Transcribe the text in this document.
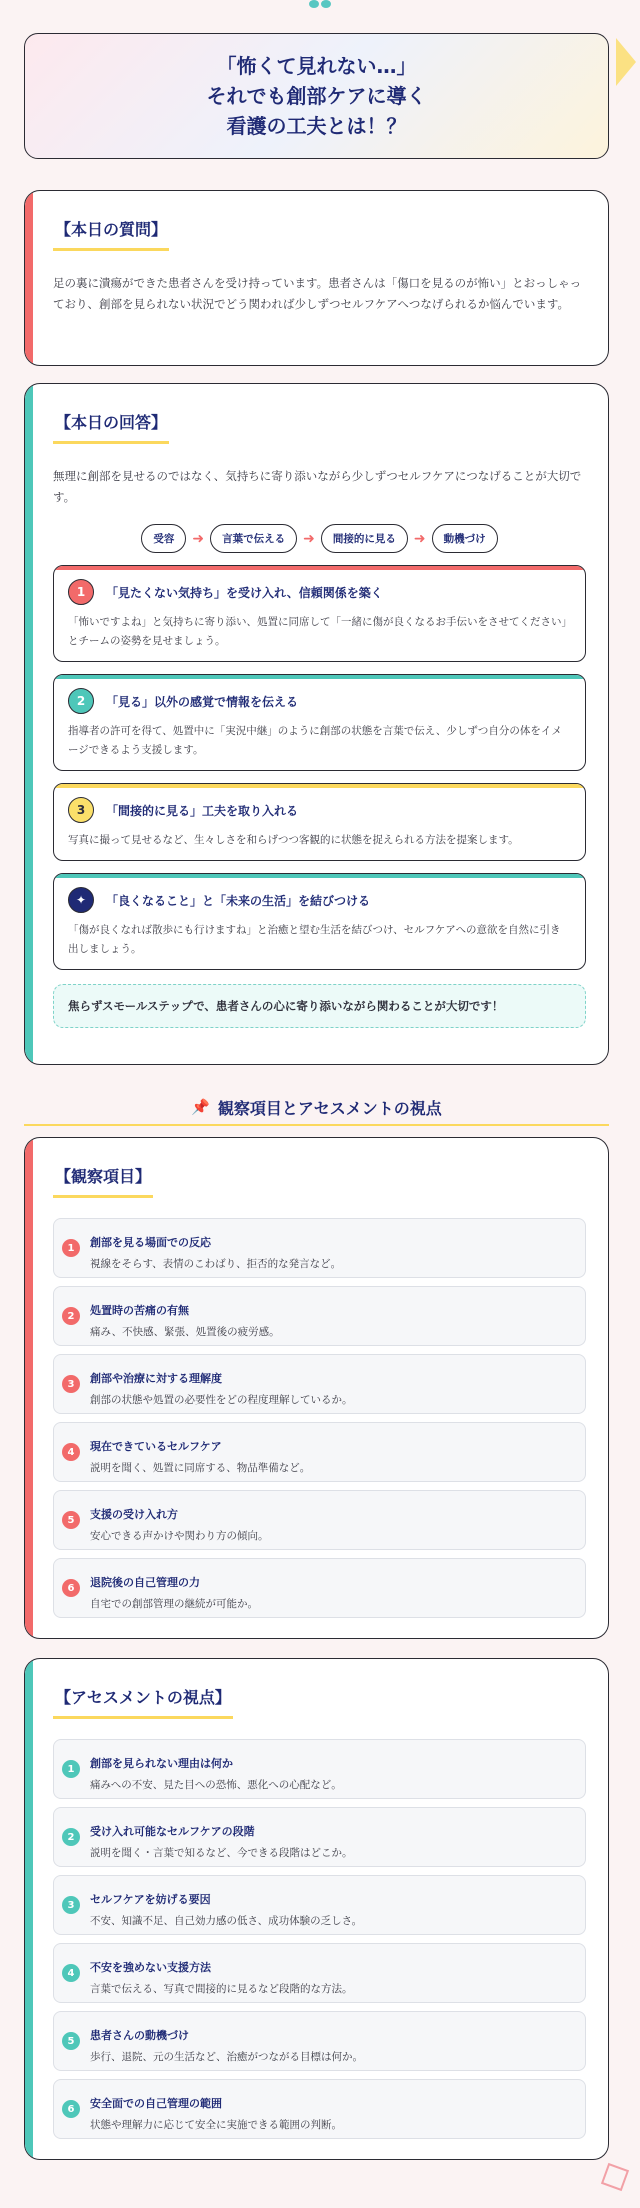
「怖くて見れない…」
それでも創部ケアに導く
看護の工夫とは！？
【本日の質問】

足の裏に潰瘍ができた患者さんを受け持っています。患者さんは「傷口を見るのが怖い」とおっしゃっており、創部を見られない状況でどう関われば少しずつセルフケアへつなげられるか悩んでいます。

【本日の回答】

無理に創部を見せるのではなく、気持ちに寄り添いながら少しずつセルフケアにつなげることが大切です。

受容	➜	言葉で伝える	➜	間接的に見る	➜	動機づけ
1	「見たくない気持ち」を受け入れ、信頼関係を築く

「怖いですよね」と気持ちに寄り添い、処置に同席して「一緒に傷が良くなるお手伝いをさせてください」とチームの姿勢を見せましょう。

2	「見る」以外の感覚で情報を伝える

指導者の許可を得て、処置中に「実況中継」のように創部の状態を言葉で伝え、少しずつ自分の体をイメージできるよう支援します。

3	「間接的に見る」工夫を取り入れる

写真に撮って見せるなど、生々しさを和らげつつ客観的に状態を捉えられる方法を提案します。

✦	「良くなること」と「未来の生活」を結びつける

「傷が良くなれば散歩にも行けますね」と治癒と望む生活を結びつけ、セルフケアへの意欲を自然に引き出しましょう。

焦らずスモールステップで、患者さんの心に寄り添いながら関わることが大切です！
📌 観察項目とアセスメントの視点
【観察項目】
1	創部を見る場面での反応
視線をそらす、表情のこわばり、拒否的な発言など。
2	処置時の苦痛の有無
痛み、不快感、緊張、処置後の疲労感。
3	創部や治療に対する理解度
創部の状態や処置の必要性をどの程度理解しているか。
4	現在できているセルフケア
説明を聞く、処置に同席する、物品準備など。
5	支援の受け入れ方
安心できる声かけや関わり方の傾向。
6	退院後の自己管理の力
自宅での創部管理の継続が可能か。
【アセスメントの視点】
1	創部を見られない理由は何か
痛みへの不安、見た目への恐怖、悪化への心配など。
2	受け入れ可能なセルフケアの段階
説明を聞く・言葉で知るなど、今できる段階はどこか。
3	セルフケアを妨げる要因
不安、知識不足、自己効力感の低さ、成功体験の乏しさ。
4	不安を強めない支援方法
言葉で伝える、写真で間接的に見るなど段階的な方法。
5	患者さんの動機づけ
歩行、退院、元の生活など、治癒がつながる目標は何か。
6	安全面での自己管理の範囲
状態や理解力に応じて安全に実施できる範囲の判断。
